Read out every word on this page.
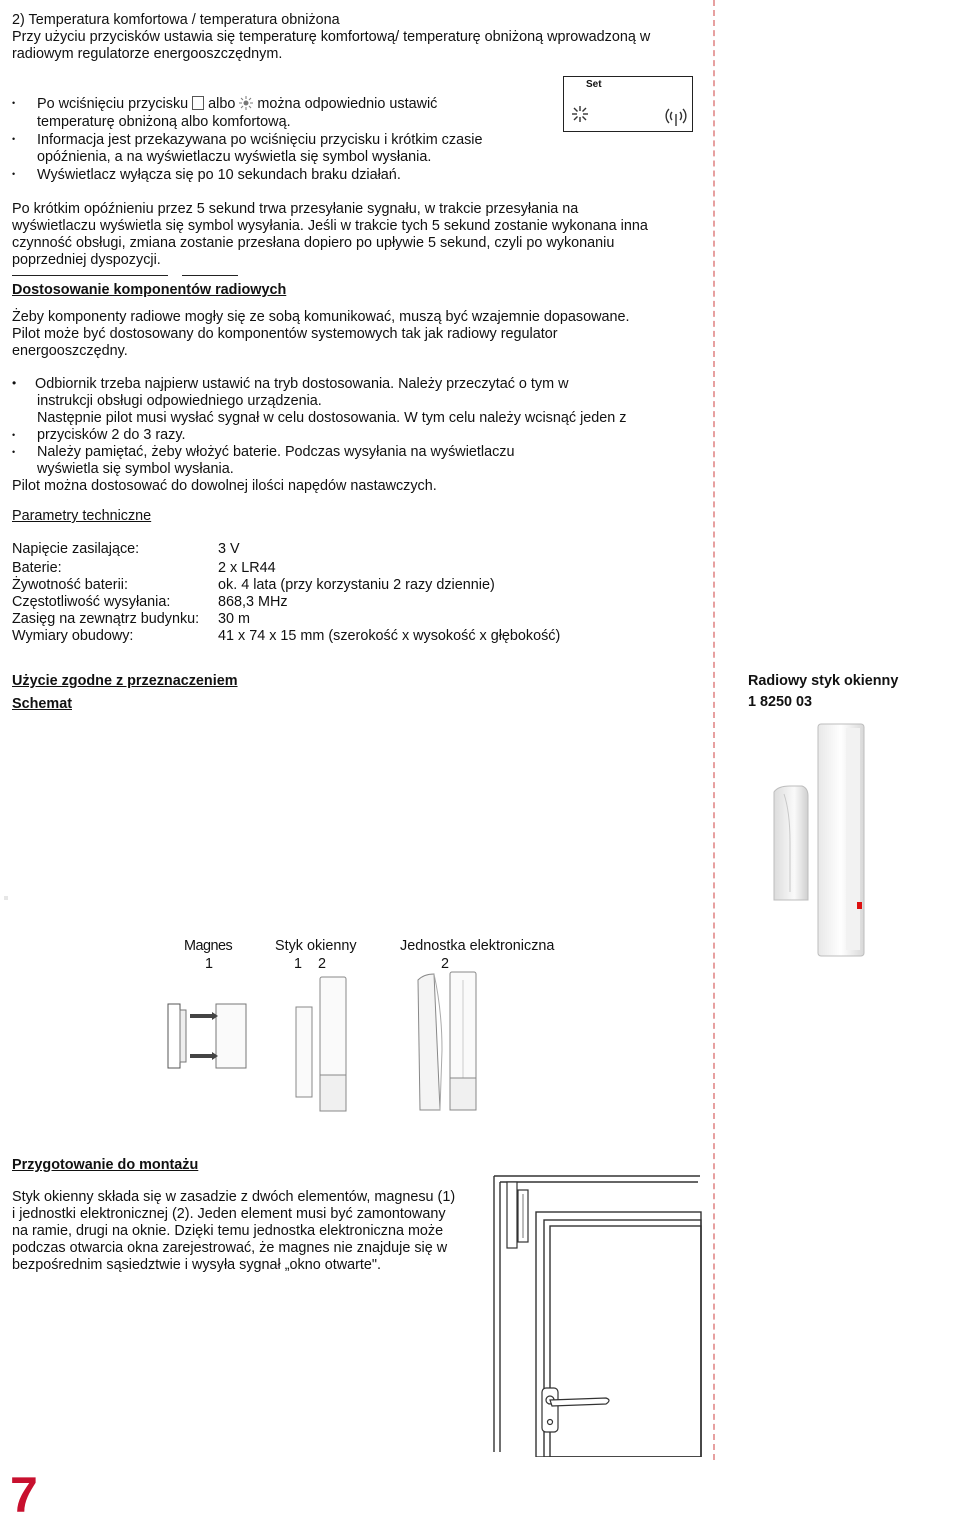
2) Temperatura komfortowa / temperatura obniżona
Przy użyciu przycisków ustawia się temperaturę komfortową/ temperaturę obniżoną wprowadzoną w
radiowym regulatorze energooszczędnym.
• Po wciśnięciu przycisku albo można odpowiednio ustawić
temperaturę obniżoną albo komfortową.
• Informacja jest przekazywana po wciśnięciu przycisku i krótkim czasie
opóźnienia, a na wyświetlaczu wyświetla się symbol wysłania.
• Wyświetlacz wyłącza się po 10 sekundach braku działań.
Set
Po krótkim opóźnieniu przez 5 sekund trwa przesyłanie sygnału, w trakcie przesyłania na
wyświetlaczu wyświetla się symbol wysyłania. Jeśli w trakcie tych 5 sekund zostanie wykonana inna
czynność obsługi, zmiana zostanie przesłana dopiero po upływie 5 sekund, czyli po wykonaniu
poprzedniej dyspozycji.
Dostosowanie komponentów radiowych
Żeby komponenty radiowe mogły się ze sobą komunikować, muszą być wzajemnie dopasowane.
Pilot może być dostosowany do komponentów systemowych tak jak radiowy regulator
energooszczędny.
• Odbiornik trzeba najpierw ustawić na tryb dostosowania. Należy przeczytać o tym w
instrukcji obsługi odpowiedniego urządzenia.
Następnie pilot musi wysłać sygnał w celu dostosowania. W tym celu należy wcisnąć jeden z
• przycisków 2 do 3 razy.
• Należy pamiętać, żeby włożyć baterie. Podczas wysyłania na wyświetlaczu
wyświetla się symbol wysłania.
Pilot można dostosować do dowolnej ilości napędów nastawczych.
Parametry techniczne
Napięcie zasilające:	3 V
Baterie:	2 x LR44
Żywotność baterii:	ok. 4 lata (przy korzystaniu 2 razy dziennie)
Częstotliwość wysyłania:	868,3 MHz
Zasięg na zewnątrz budynku: 30 m
Wymiary obudowy:	41 x 74 x 15 mm (szerokość x wysokość x głębokość)
Użycie zgodne z przeznaczeniem
Schemat
Radiowy styk okienny
1 8250 03
Magnes
1
Styk okienny
1    2
Jednostka elektroniczna
2
Przygotowanie do montażu
Styk okienny składa się w zasadzie z dwóch elementów, magnesu (1)
i jednostki elektronicznej (2). Jeden element musi być zamontowany
na ramie, drugi na oknie. Dzięki temu jednostka elektroniczna może
podczas otwarcia okna zarejestrować, że magnes nie znajduje się w
bezpośrednim sąsiedztwie i wysyła sygnał „okno otwarte".
7
